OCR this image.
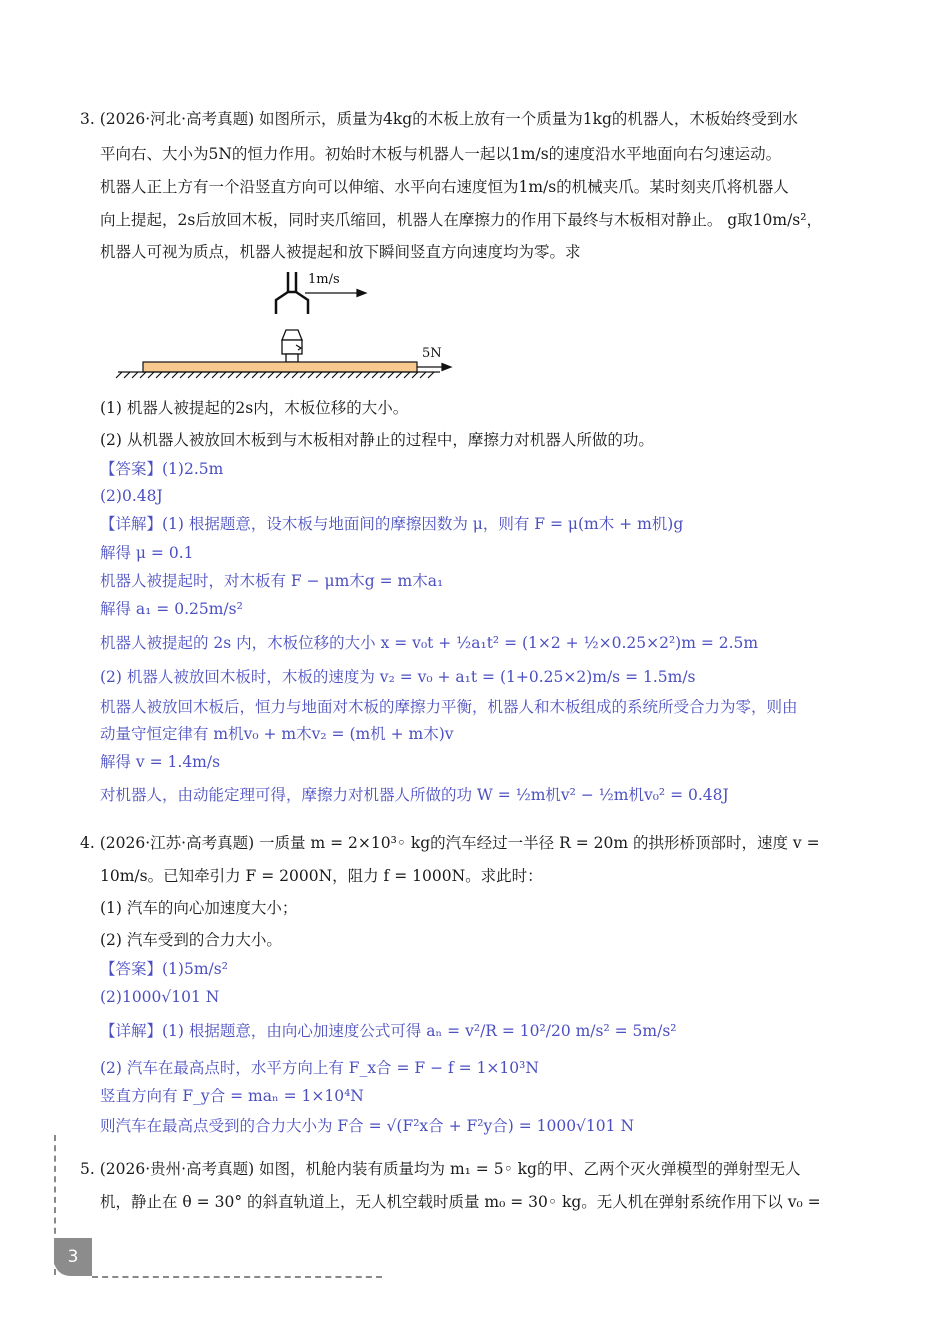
3. (2026·河北·高考真题) 如图所示，质量为4kg的木板上放有一个质量为1kg的机器人，木板始终受到水
平向右、大小为5N的恒力作用。初始时木板与机器人一起以1m/s的速度沿水平地面向右匀速运动。
机器人正上方有一个沿竖直方向可以伸缩、水平向右速度恒为1m/s的机械夹爪。某时刻夹爪将机器人
向上提起，2s后放回木板，同时夹爪缩回，机器人在摩擦力的作用下最终与木板相对静止。 g取10m/s²，
机器人可视为质点，机器人被提起和放下瞬间竖直方向速度均为零。求
1m/s
5N
(1) 机器人被提起的2s内，木板位移的大小。
(2) 从机器人被放回木板到与木板相对静止的过程中，摩擦力对机器人所做的功。
【答案】(1)2.5m
(2)0.48J
【详解】(1) 根据题意，设木板与地面间的摩擦因数为 μ，则有 F = μ(m木 + m机)g
解得 μ = 0.1
机器人被提起时，对木板有 F − μm木g = m木a₁
解得 a₁ = 0.25m/s²
机器人被提起的 2s 内，木板位移的大小 x = v₀t + ½a₁t² = (1×2 + ½×0.25×2²)m = 2.5m
(2) 机器人被放回木板时，木板的速度为 v₂ = v₀ + a₁t = (1+0.25×2)m/s = 1.5m/s
机器人被放回木板后，恒力与地面对木板的摩擦力平衡，机器人和木板组成的系统所受合力为零，则由
动量守恒定律有 m机v₀ + m木v₂ = (m机 + m木)v
解得 v = 1.4m/s
对机器人，由动能定理可得，摩擦力对机器人所做的功 W = ½m机v² − ½m机v₀² = 0.48J
4. (2026·江苏·高考真题) 一质量 m = 2×10³◦ kg的汽车经过一半径 R = 20m 的拱形桥顶部时，速度 v =
10m/s。已知牵引力 F = 2000N，阻力 f = 1000N。求此时：
(1) 汽车的向心加速度大小；
(2) 汽车受到的合力大小。
【答案】(1)5m/s²
(2)1000√101 N
【详解】(1) 根据题意，由向心加速度公式可得 aₙ = v²/R = 10²/20 m/s² = 5m/s²
(2) 汽车在最高点时，水平方向上有 F_x合 = F − f = 1×10³N
竖直方向有 F_y合 = maₙ = 1×10⁴N
则汽车在最高点受到的合力大小为 F合 = √(F²x合 + F²y合) = 1000√101 N
5. (2026·贵州·高考真题) 如图，机舱内装有质量均为 m₁ = 5◦ kg的甲、乙两个灭火弹模型的弹射型无人
机，静止在 θ = 30° 的斜直轨道上，无人机空载时质量 m₀ = 30◦ kg。无人机在弹射系统作用下以 v₀ =
3
